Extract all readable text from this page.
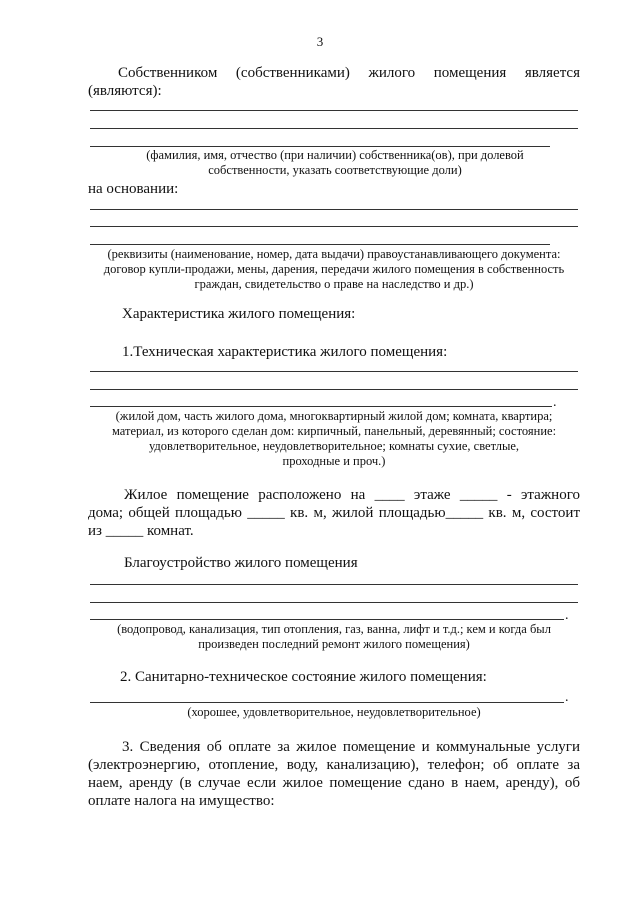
3
Собственником (собственниками) жилого помещения является
(являются):
(фамилия, имя, отчество (при наличии) собственника(ов), при долевой
собственности, указать соответствующие доли)
на основании:
(реквизиты (наименование, номер, дата выдачи) правоустанавливающего документа:
договор купли-продажи, мены, дарения, передачи жилого помещения в собственность
граждан, свидетельство о праве на наследство и др.)
Характеристика жилого помещения:
1.Техническая характеристика жилого помещения:
.
(жилой дом, часть жилого дома, многоквартирный жилой дом; комната, квартира;
материал, из которого сделан дом: кирпичный, панельный, деревянный; состояние:
удовлетворительное, неудовлетворительное; комнаты сухие, светлые,
проходные и проч.)
Жилое помещение расположено на ____ этаже _____ - этажного
дома; общей площадью _____ кв. м, жилой площадью_____ кв. м, состоит
из _____ комнат.
Благоустройство жилого помещения
.
(водопровод, канализация, тип отопления, газ, ванна, лифт и т.д.; кем и когда был
произведен последний ремонт жилого помещения)
2. Санитарно-техническое состояние жилого помещения:
.
(хорошее, удовлетворительное, неудовлетворительное)
3. Сведения об оплате за жилое помещение и коммунальные услуги
(электроэнергию, отопление, воду, канализацию), телефон; об оплате за
наем, аренду (в случае если жилое помещение сдано в наем, аренду), об
оплате налога на имущество:
